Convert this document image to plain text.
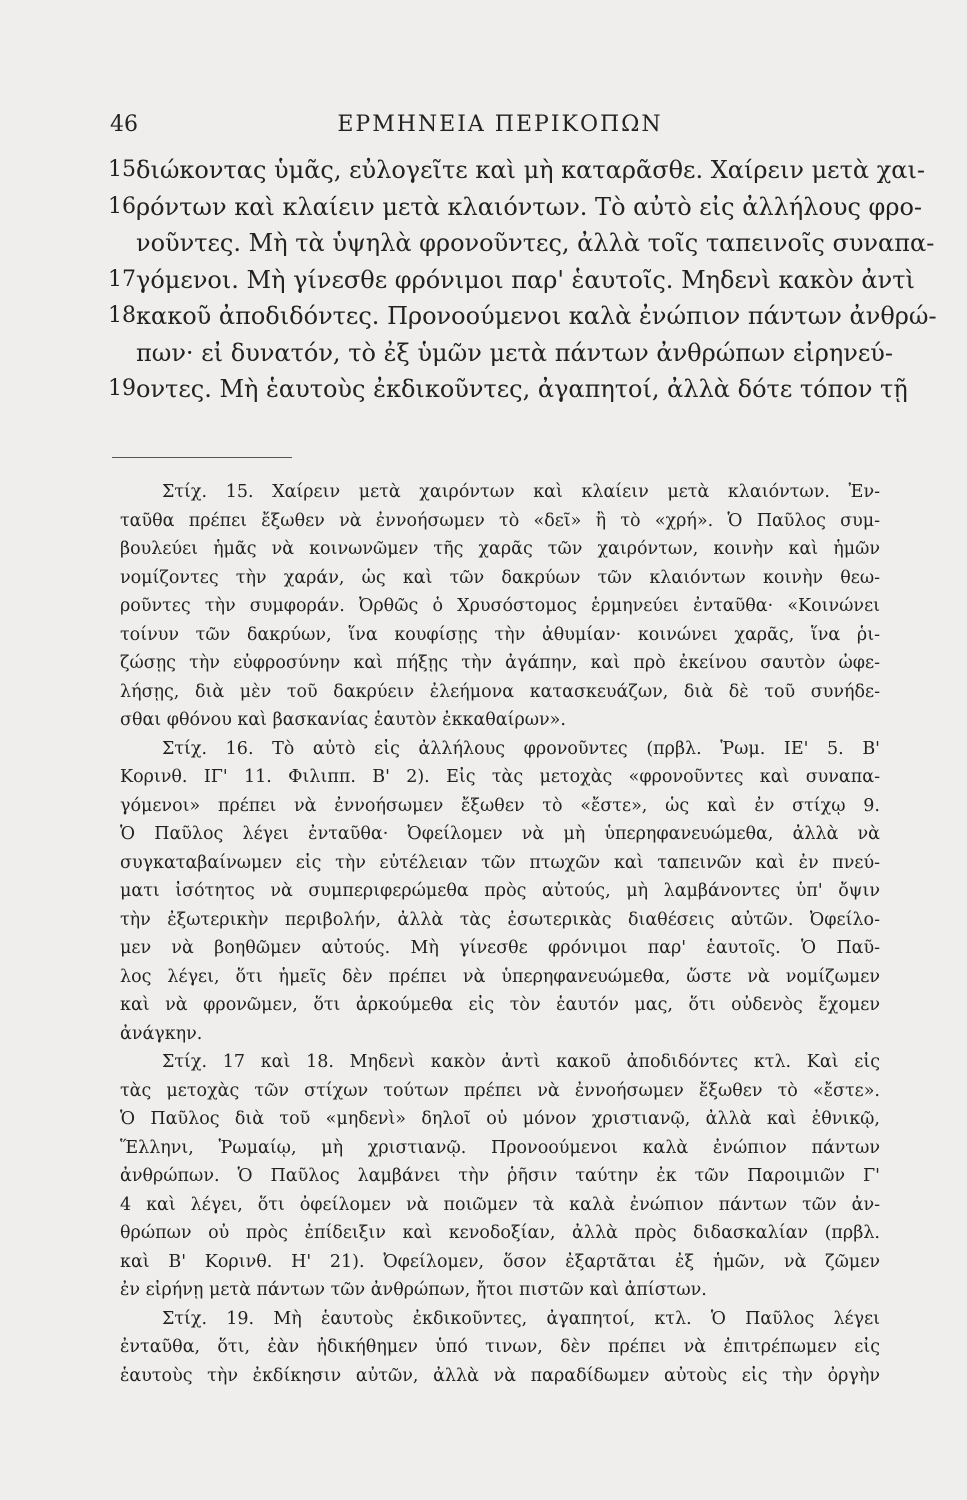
46	ΕΡΜΗΝΕΙΑ ΠΕΡΙΚΟΠΩΝ
15 διώκοντας ὑμᾶς, εὐλογεῖτε καὶ μὴ καταρᾶσθε. Χαίρειν μετὰ χαι-
16 ρόντων καὶ κλαίειν μετὰ κλαιόντων. Τὸ αὐτὸ εἰς ἀλλήλους φρο-
νοῦντες. Μὴ τὰ ὑψηλὰ φρονοῦντες, ἀλλὰ τοῖς ταπεινοῖς συναπα-
17 γόμενοι. Μὴ γίνεσθε φρόνιμοι παρ' ἑαυτοῖς. Μηδενὶ κακὸν ἀντὶ
18 κακοῦ ἀποδιδόντες. Προνοούμενοι καλὰ ἐνώπιον πάντων ἀνθρώ-
πων· εἰ δυνατόν, τὸ ἐξ ὑμῶν μετὰ πάντων ἀνθρώπων εἰρηνεύ-
19 οντες. Μὴ ἑαυτοὺς ἐκδικοῦντες, ἀγαπητοί, ἀλλὰ δότε τόπον τῇ
Στίχ. 15. Χαίρειν μετὰ χαιρόντων καὶ κλαίειν μετὰ κλαιόντων. Ἐν-
ταῦθα πρέπει ἔξωθεν νὰ ἐννοήσωμεν τὸ «δεῖ» ἢ τὸ «χρή». Ὁ Παῦλος συμ-
βουλεύει ἡμᾶς νὰ κοινωνῶμεν τῆς χαρᾶς τῶν χαιρόντων, κοινὴν καὶ ἡμῶν
νομίζοντες τὴν χαράν, ὡς καὶ τῶν δακρύων τῶν κλαιόντων κοινὴν θεω-
ροῦντες τὴν συμφοράν. Ὀρθῶς ὁ Χρυσόστομος ἑρμηνεύει ἐνταῦθα· «Κοινώνει
τοίνυν τῶν δακρύων, ἵνα κουφίσῃς τὴν ἀθυμίαν· κοινώνει χαρᾶς, ἵνα ῥι-
ζώσῃς τὴν εὐφροσύνην καὶ πήξῃς τὴν ἀγάπην, καὶ πρὸ ἐκείνου σαυτὸν ὠφε-
λήσῃς, διὰ μὲν τοῦ δακρύειν ἐλεήμονα κατασκευάζων, διὰ δὲ τοῦ συνήδε-
σθαι φθόνου καὶ βασκανίας ἑαυτὸν ἐκκαθαίρων».
Στίχ. 16. Τὸ αὐτὸ εἰς ἀλλήλους φρονοῦντες (πρβλ. Ῥωμ. ΙΕ' 5. Β'
Κορινθ. ΙΓ' 11. Φιλιππ. Β' 2). Εἰς τὰς μετοχὰς «φρονοῦντες καὶ συναπα-
γόμενοι» πρέπει νὰ ἐννοήσωμεν ἔξωθεν τὸ «ἔστε», ὡς καὶ ἐν στίχῳ 9.
Ὁ Παῦλος λέγει ἐνταῦθα· Ὀφείλομεν νὰ μὴ ὑπερηφανευώμεθα, ἀλλὰ νὰ
συγκαταβαίνωμεν εἰς τὴν εὐτέλειαν τῶν πτωχῶν καὶ ταπεινῶν καὶ ἐν πνεύ-
ματι ἰσότητος νὰ συμπεριφερώμεθα πρὸς αὐτούς, μὴ λαμβάνοντες ὑπ' ὄψιν
τὴν ἐξωτερικὴν περιβολήν, ἀλλὰ τὰς ἐσωτερικὰς διαθέσεις αὐτῶν. Ὀφείλο-
μεν νὰ βοηθῶμεν αὐτούς. Μὴ γίνεσθε φρόνιμοι παρ' ἑαυτοῖς. Ὁ Παῦ-
λος λέγει, ὅτι ἡμεῖς δὲν πρέπει νὰ ὑπερηφανευώμεθα, ὥστε νὰ νομίζωμεν
καὶ νὰ φρονῶμεν, ὅτι ἀρκούμεθα εἰς τὸν ἑαυτόν μας, ὅτι οὐδενὸς ἔχομεν
ἀνάγκην.
Στίχ. 17 καὶ 18. Μηδενὶ κακὸν ἀντὶ κακοῦ ἀποδιδόντες κτλ. Καὶ εἰς
τὰς μετοχὰς τῶν στίχων τούτων πρέπει νὰ ἐννοήσωμεν ἔξωθεν τὸ «ἔστε».
Ὁ Παῦλος διὰ τοῦ «μηδενὶ» δηλοῖ οὐ μόνον χριστιανῷ, ἀλλὰ καὶ ἐθνικῷ,
Ἕλληνι, Ῥωμαίῳ, μὴ χριστιανῷ. Προνοούμενοι καλὰ ἐνώπιον πάντων
ἀνθρώπων. Ὁ Παῦλος λαμβάνει τὴν ῥῆσιν ταύτην ἐκ τῶν Παροιμιῶν Γ'
4 καὶ λέγει, ὅτι ὀφείλομεν νὰ ποιῶμεν τὰ καλὰ ἐνώπιον πάντων τῶν ἀν-
θρώπων οὐ πρὸς ἐπίδειξιν καὶ κενοδοξίαν, ἀλλὰ πρὸς διδασκαλίαν (πρβλ.
καὶ Β' Κορινθ. Η' 21). Ὀφείλομεν, ὅσον ἐξαρτᾶται ἐξ ἡμῶν, νὰ ζῶμεν
ἐν εἰρήνῃ μετὰ πάντων τῶν ἀνθρώπων, ἤτοι πιστῶν καὶ ἀπίστων.
Στίχ. 19. Μὴ ἑαυτοὺς ἐκδικοῦντες, ἀγαπητοί, κτλ. Ὁ Παῦλος λέγει
ἐνταῦθα, ὅτι, ἐὰν ἠδικήθημεν ὑπό τινων, δὲν πρέπει νὰ ἐπιτρέπωμεν εἰς
ἑαυτοὺς τὴν ἐκδίκησιν αὐτῶν, ἀλλὰ νὰ παραδίδωμεν αὐτοὺς εἰς τὴν ὀργὴν
